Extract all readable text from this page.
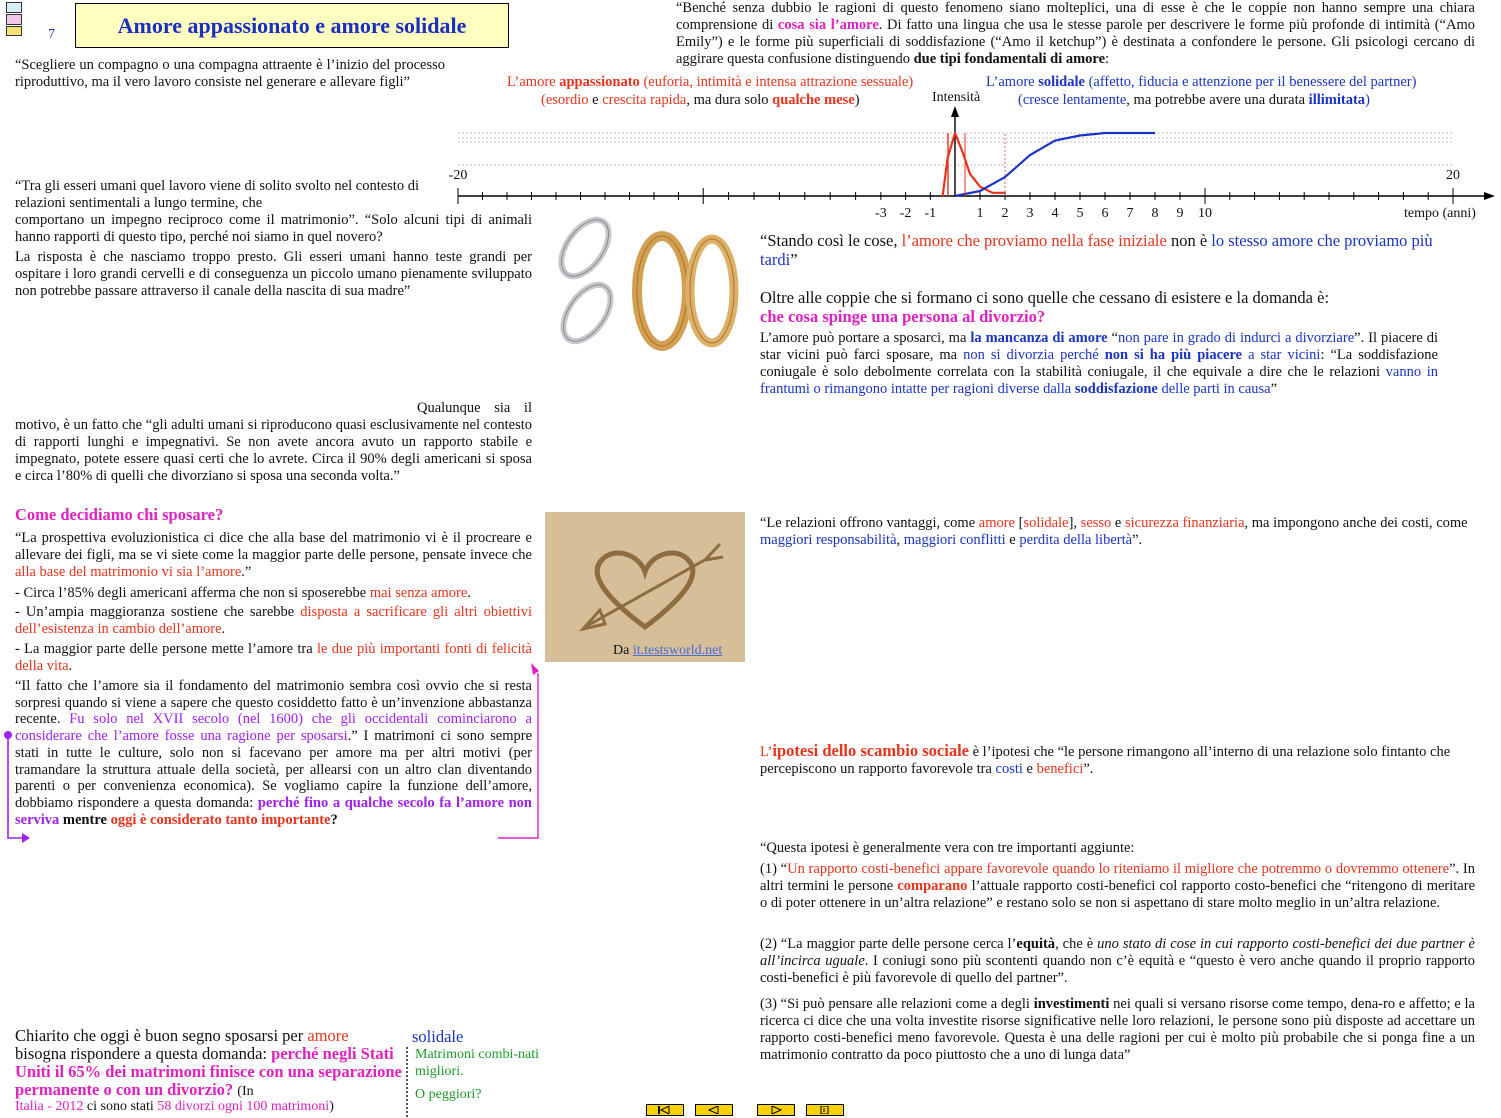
7	Amore appassionato e amore solidale
“Benché senza dubbio le ragioni di questo fenomeno siano molteplici, una di esse è che le coppie non hanno sempre una chiara comprensione di cosa sia l’amore. Di fatto una lingua che usa le stesse parole per descrivere le forme più profonde di intimità (“Amo Emily”) e le forme più superficiali di soddisfazione (“Amo il ketchup”) è destinata a confondere le persone. Gli psicologi cercano di aggirare questa confusione distinguendo due tipi fondamentali di amore:
L’amore appassionato (euforia, intimità e intensa attrazione sessuale)
(esordio e crescita rapida, ma dura solo qualche mese)
L’amore solidale (affetto, fiducia e attenzione per il benessere del partner)
(cresce lentamente, ma potrebbe avere una durata illimitata)
Intensità
-20
-3 -2 -1	1 2 3 4 5 6 7 8 9 10
20
tempo (anni)
“Scegliere un compagno o una compagna attraente è l’inizio del processo riproduttivo, ma il vero lavoro consiste nel generare e allevare figli”
“Tra gli esseri umani quel lavoro viene di solito svolto nel contesto di relazioni sentimentali a lungo termine, che
comportano un impegno reciproco come il matrimonio”. “Solo alcuni tipi di animali hanno rapporti di questo tipo, perché noi siamo in quel novero?
La risposta è che nasciamo troppo presto. Gli esseri umani hanno teste grandi per ospitare i loro grandi cervelli e di conseguenza un piccolo umano pienamente sviluppato non potrebbe passare attraverso il canale della nascita di sua madre”
Qualunque sia il
motivo, è un fatto che “gli adulti umani si riproducono quasi esclusivamente nel contesto di rapporti lunghi e impegnativi. Se non avete ancora avuto un rapporto stabile e impegnato, potete essere quasi certi che lo avrete. Circa il 90% degli americani si sposa e circa l’80% di quelli che divorziano si sposa una seconda volta.”
Come decidiamo chi sposare?
“La prospettiva evoluzionistica ci dice che alla base del matrimonio vi è il procreare e allevare dei figli, ma se vi siete come la maggior parte delle persone, pensate invece che alla base del matrimonio vi sia l’amore.”
- Circa l’85% degli americani afferma che non si sposerebbe mai senza amore.
- Un’ampia maggioranza sostiene che sarebbe disposta a sacrificare gli altri obiettivi dell’esistenza in cambio dell’amore.
- La maggior parte delle persone mette l’amore tra le due più importanti fonti di felicità della vita.
“Il fatto che l’amore sia il fondamento del matrimonio sembra così ovvio che si resta sorpresi quando si viene a sapere che questo cosiddetto fatto è un’invenzione abbastanza recente. Fu solo nel XVII secolo (nel 1600) che gli occidentali cominciarono a considerare che l’amore fosse una ragione per sposarsi.” I matrimoni ci sono sempre stati in tutte le culture, solo non si facevano per amore ma per altri motivi (per tramandare la struttura attuale della società, per allearsi con un altro clan diventando parenti o per convenienza economica). Se vogliamo capire la funzione dell’amore, dobbiamo rispondere a questa domanda: perché fino a qualche secolo fa l’amore non serviva mentre oggi è considerato tanto importante?
Chiarito che oggi è buon segno sposarsi per amore
bisogna rispondere a questa domanda: perché negli Stati Uniti il 65% dei matrimoni finisce con una separazione permanente o con un divorzio? (In
Italia - 2012 ci sono stati 58 divorzi ogni 100 matrimoni)
solidale
Matrimoni combi-nati migliori.
O peggiori?
Da it.testsworld.net
“Stando così le cose, l’amore che proviamo nella fase iniziale non è lo stesso amore che proviamo più tardi”
Oltre alle coppie che si formano ci sono quelle che cessano di esistere e la domanda è:
che cosa spinge una persona al divorzio?
L’amore può portare a sposarci, ma la mancanza di amore “non pare in grado di indurci a divorziare”. Il piacere di star vicini può farci sposare, ma non si divorzia perché non si ha più piacere a star vicini: “La soddisfazione coniugale è solo debolmente correlata con la stabilità coniugale, il che equivale a dire che le relazioni vanno in frantumi o rimangono intatte per ragioni diverse dalla soddisfazione delle parti in causa”
“Le relazioni offrono vantaggi, come amore [solidale], sesso e sicurezza finanziaria, ma impongono anche dei costi, come maggiori responsabilità, maggiori conflitti e perdita della libertà”.
L’ipotesi dello scambio sociale è l’ipotesi che “le persone rimangono all’interno di una relazione solo fintanto che percepiscono un rapporto favorevole tra costi e benefici”.
“Questa ipotesi è generalmente vera con tre importanti aggiunte:
(1) “Un rapporto costi-benefici appare favorevole quando lo riteniamo il migliore che potremmo o dovremmo ottenere”. In altri termini le persone comparano l’attuale rapporto costi-benefici col rapporto costo-benefici che “ritengono di meritare o di poter ottenere in un’altra relazione” e restano solo se non si aspettano di stare molto meglio in un’altra relazione.
(2) “La maggior parte delle persone cerca l’equità, che è uno stato di cose in cui rapporto costi-benefici dei due partner è all’incirca uguale. I coniugi sono più scontenti quando non c’è equità e “questo è vero anche quando il proprio rapporto costi-benefici è più favorevole di quello del partner”.
(3) “Si può pensare alle relazioni come a degli investimenti nei quali si versano risorse come tempo, dena-ro e affetto; e la ricerca ci dice che una volta investite risorse significative nelle loro relazioni, le persone sono più disposte ad accettare un rapporto costi-benefici meno favorevole. Questa è una delle ragioni per cui è molto più probabile che si ponga fine a un matrimonio contratto da poco piuttosto che a uno di lunga data”
